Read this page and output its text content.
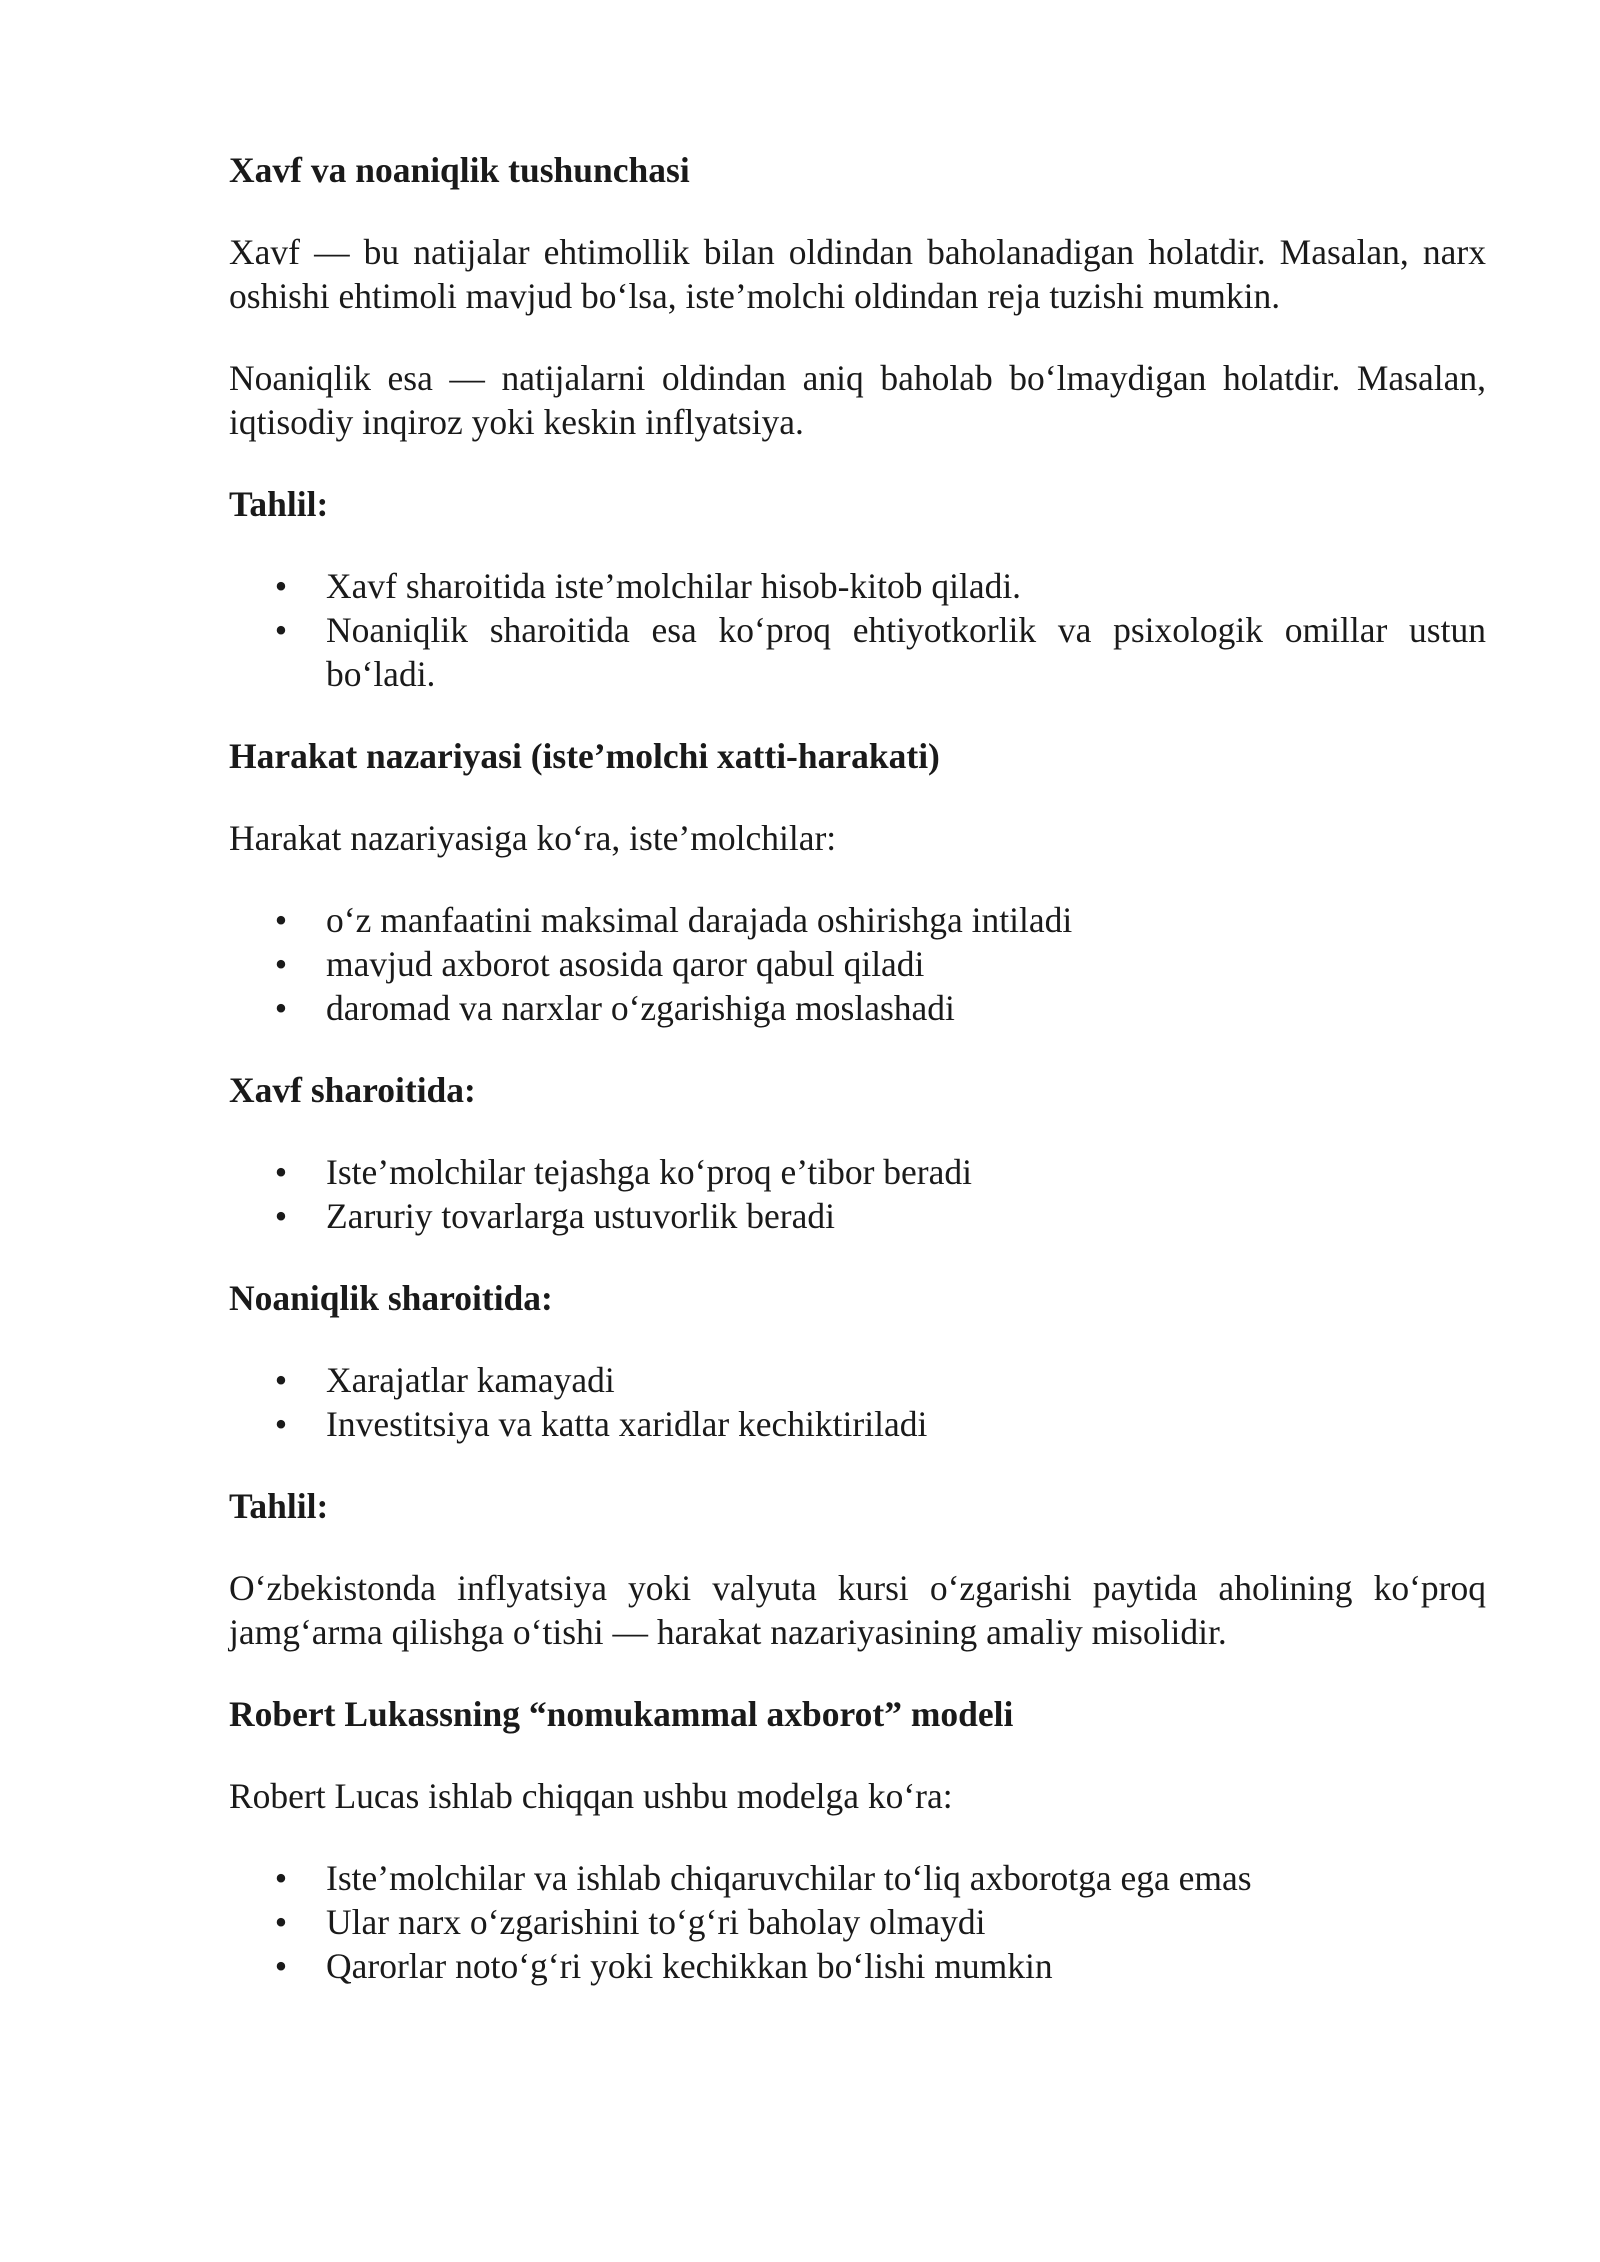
Xavf va noaniqlik tushunchasi
Xavf — bu natijalar ehtimollik bilan oldindan baholanadigan holatdir. Masalan, narx oshishi ehtimoli mavjud bo‘lsa, iste’molchi oldindan reja tuzishi mumkin.
Noaniqlik esa — natijalarni oldindan aniq baholab bo‘lmaydigan holatdir. Masalan, iqtisodiy inqiroz yoki keskin inflyatsiya.
Tahlil:
• Xavf sharoitida iste’molchilar hisob-kitob qiladi.
• Noaniqlik sharoitida esa ko‘proq ehtiyotkorlik va psixologik omillar ustun bo‘ladi.
Harakat nazariyasi (iste’molchi xatti-harakati)
Harakat nazariyasiga ko‘ra, iste’molchilar:
• o‘z manfaatini maksimal darajada oshirishga intiladi
• mavjud axborot asosida qaror qabul qiladi
• daromad va narxlar o‘zgarishiga moslashadi
Xavf sharoitida:
• Iste’molchilar tejashga ko‘proq e’tibor beradi
• Zaruriy tovarlarga ustuvorlik beradi
Noaniqlik sharoitida:
• Xarajatlar kamayadi
• Investitsiya va katta xaridlar kechiktiriladi
Tahlil:
O‘zbekistonda inflyatsiya yoki valyuta kursi o‘zgarishi paytida aholining ko‘proq jamg‘arma qilishga o‘tishi — harakat nazariyasining amaliy misolidir.
Robert Lukassning “nomukammal axborot” modeli
Robert Lucas ishlab chiqqan ushbu modelga ko‘ra:
• Iste’molchilar va ishlab chiqaruvchilar to‘liq axborotga ega emas
• Ular narx o‘zgarishini to‘g‘ri baholay olmaydi
• Qarorlar noto‘g‘ri yoki kechikkan bo‘lishi mumkin
